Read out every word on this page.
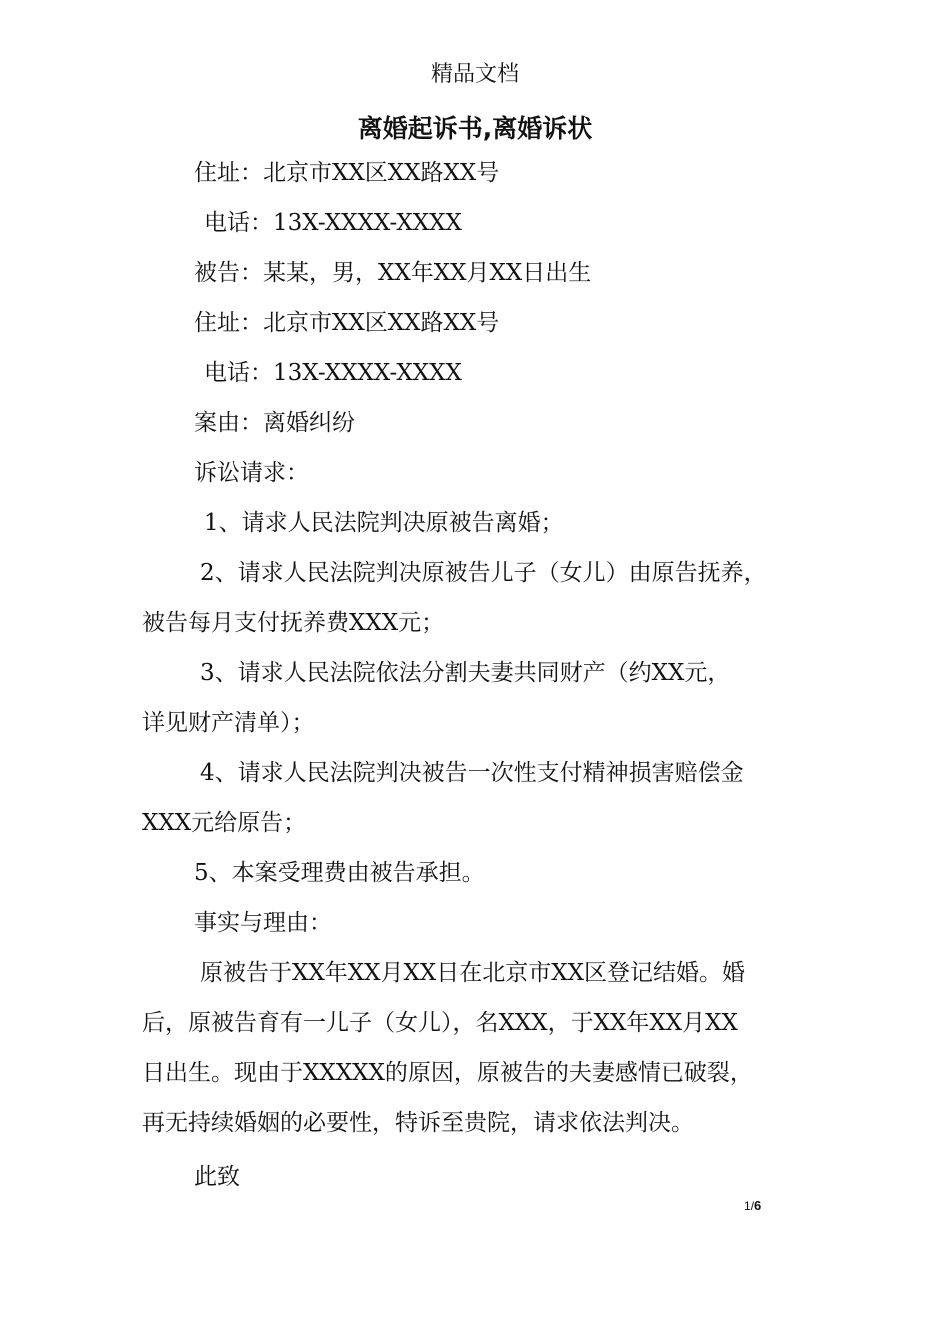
精品文档
离婚起诉书,离婚诉状
住址：北京市XX区XX路XX号
电话：13X-XXXX-XXXX
被告：某某，男，XX年XX月XX日出生
住址：北京市XX区XX路XX号
电话：13X-XXXX-XXXX
案由：离婚纠纷
诉讼请求：
1、请求人民法院判决原被告离婚；
2、请求人民法院判决原被告儿子（女儿）由原告抚养，
被告每月支付抚养费XXX元；
3、请求人民法院依法分割夫妻共同财产（约XX元，
详见财产清单）；
4、请求人民法院判决被告一次性支付精神损害赔偿金
XXX元给原告；
5、本案受理费由被告承担。
事实与理由：
原被告于XX年XX月XX日在北京市XX区登记结婚。婚
后，原被告育有一儿子（女儿），名XXX，于XX年XX月XX
日出生。现由于XXXXX的原因，原被告的夫妻感情已破裂，
再无持续婚姻的必要性，特诉至贵院，请求依法判决。
此致
1/6
